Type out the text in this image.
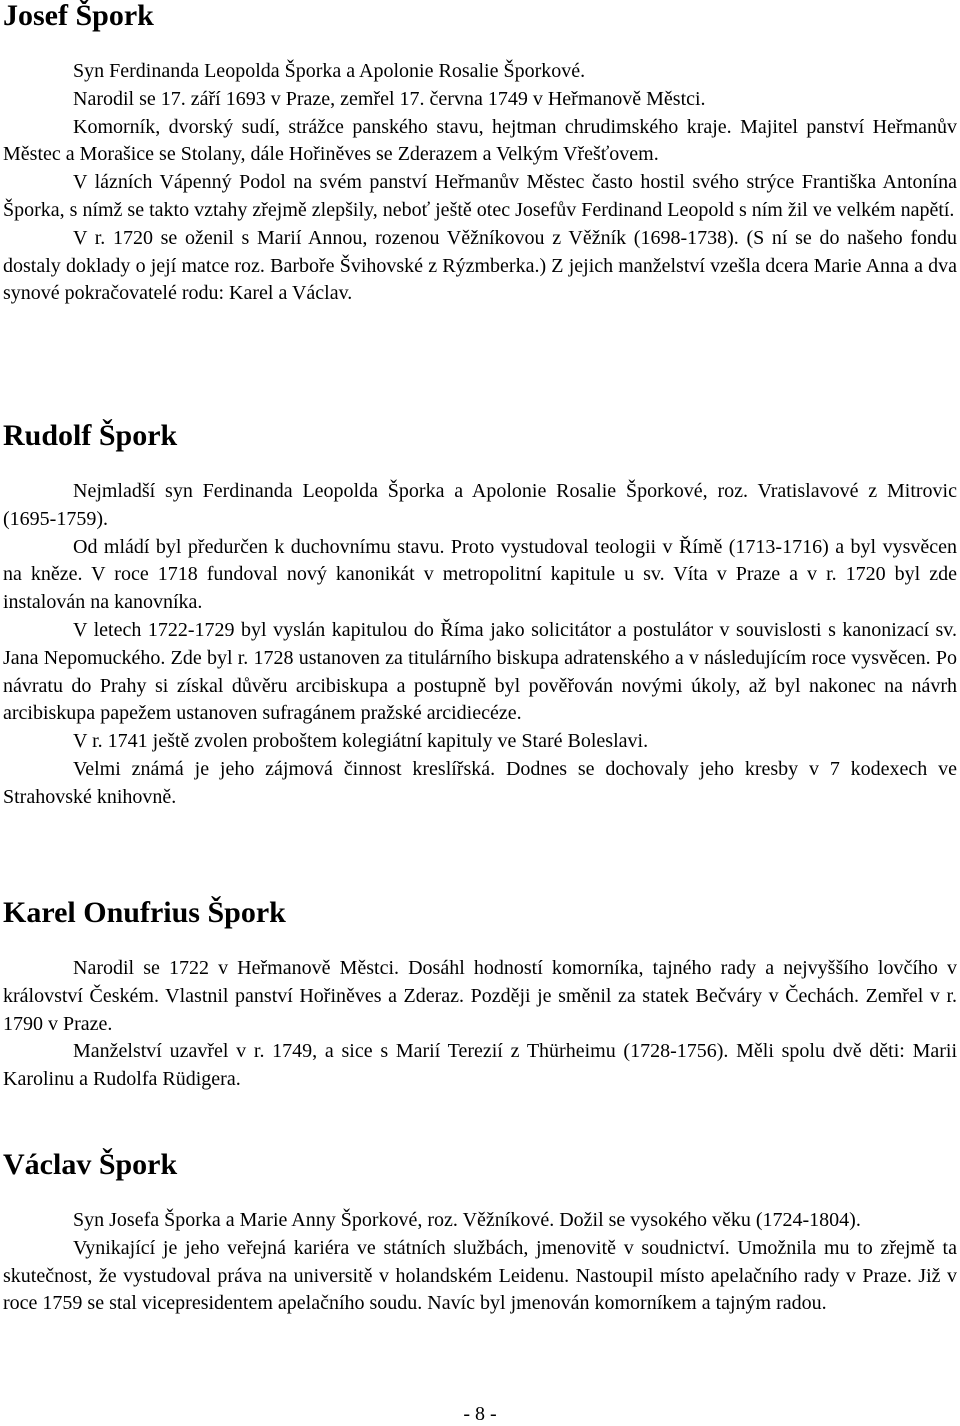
Josef Špork

Syn Ferdinanda Leopolda Šporka a Apolonie Rosalie Šporkové.

Narodil se 17. září 1693 v Praze, zemřel 17. června 1749 v Heřmanově Městci.

Komorník, dvorský sudí, strážce panského stavu, hejtman chrudimského kraje. Majitel panství Heřmanův Městec a Morašice se Stolany, dále Hořiněves se Zderazem a Velkým Vřešťovem.

V lázních Vápenný Podol na svém panství Heřmanův Městec často hostil svého strýce Františka Antonína Šporka, s nímž se takto vztahy zřejmě zlepšily, neboť ještě otec Josefův Ferdinand Leopold s ním žil ve velkém napětí.

V r. 1720 se oženil s Marií Annou, rozenou Věžníkovou z Věžník (1698-1738). (S ní se do našeho fondu dostaly doklady o její matce roz. Barboře Švihovské z Rýzmberka.) Z jejich manželství vzešla dcera Marie Anna a dva synové pokračovatelé rodu: Karel a Václav.

Rudolf Špork

Nejmladší syn Ferdinanda Leopolda Šporka a Apolonie Rosalie Šporkové, roz. Vratislavové z Mitrovic (1695-1759).

Od mládí byl předurčen k duchovnímu stavu. Proto vystudoval teologii v Římě (1713-1716) a byl vysvěcen na kněze. V roce 1718 fundoval nový kanonikát v metropolitní kapitule u sv. Víta v Praze a v r. 1720 byl zde instalován na kanovníka.

V letech 1722-1729 byl vyslán kapitulou do Říma jako solicitátor a postulátor v souvislosti s kanonizací sv. Jana Nepomuckého. Zde byl r. 1728 ustanoven za titulárního biskupa adratenského a v následujícím roce vysvěcen. Po návratu do Prahy si získal důvěru arcibiskupa a postupně byl pověřován novými úkoly, až byl nakonec na návrh arcibiskupa papežem ustanoven sufragánem pražské arcidiecéze.

V r. 1741 ještě zvolen proboštem kolegiátní kapituly ve Staré Boleslavi.

Velmi známá je jeho zájmová činnost kreslířská. Dodnes se dochovaly jeho kresby v 7 kodexech ve Strahovské knihovně.

Karel Onufrius Špork

Narodil se 1722 v Heřmanově Městci. Dosáhl hodností komorníka, tajného rady a nejvyššího lovčího v království Českém. Vlastnil panství Hořiněves a Zderaz. Později je směnil za statek Bečváry v Čechách. Zemřel v r. 1790 v Praze.

Manželství uzavřel v r. 1749, a sice s Marií Terezií z Thürheimu (1728-1756). Měli spolu dvě děti: Marii Karolinu a Rudolfa Rüdigera.

Václav Špork

Syn Josefa Šporka a Marie Anny Šporkové, roz. Věžníkové. Dožil se vysokého věku (1724-1804).

Vynikající je jeho veřejná kariéra ve státních službách, jmenovitě v soudnictví. Umožnila mu to zřejmě ta skutečnost, že vystudoval práva na universitě v holandském Leidenu. Nastoupil místo apelačního rady v Praze. Již v roce 1759 se stal vicepresidentem apelačního soudu. Navíc byl jmenován komorníkem a tajným radou.

- 8 -
